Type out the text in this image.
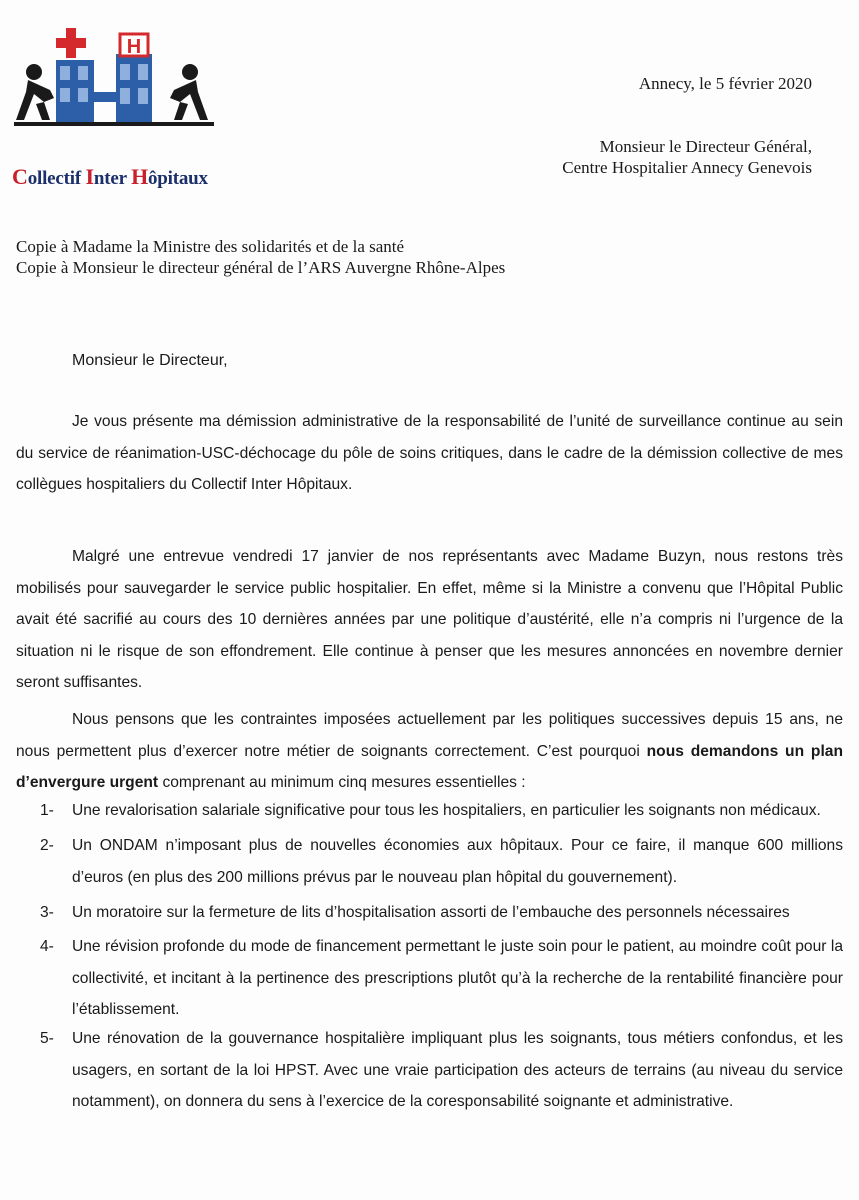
H
Collectif Inter Hôpitaux
Annecy, le 5 février 2020
Monsieur le Directeur Général,
Centre Hospitalier Annecy Genevois
Copie à Madame la Ministre des solidarités et de la santé
Copie à Monsieur le directeur général de l’ARS Auvergne Rhône-Alpes
Monsieur le Directeur,
Je vous présente ma démission administrative de la responsabilité de l’unité de surveillance continue au sein du service de réanimation-USC-déchocage du pôle de soins critiques, dans le cadre de la démission collective de mes collègues hospitaliers du Collectif Inter Hôpitaux.
Malgré une entrevue vendredi 17 janvier de nos représentants avec Madame Buzyn, nous restons très mobilisés pour sauvegarder le service public hospitalier. En effet, même si la Ministre a convenu que l’Hôpital Public avait été sacrifié au cours des 10 dernières années par une politique d’austérité, elle n’a compris ni l’urgence de la situation ni le risque de son effondrement. Elle continue à penser que les mesures annoncées en novembre dernier seront suffisantes.
Nous pensons que les contraintes imposées actuellement par les politiques successives depuis 15 ans, ne nous permettent plus d’exercer notre métier de soignants correctement. C’est pourquoi nous demandons un plan d’envergure urgent comprenant au minimum cinq mesures essentielles :
1- Une revalorisation salariale significative pour tous les hospitaliers, en particulier les soignants non médicaux.
2- Un ONDAM n’imposant plus de nouvelles économies aux hôpitaux. Pour ce faire, il manque 600 millions d’euros (en plus des 200 millions prévus par le nouveau plan hôpital du gouvernement).
3- Un moratoire sur la fermeture de lits d’hospitalisation assorti de l’embauche des personnels nécessaires
4- Une révision profonde du mode de financement permettant le juste soin pour le patient, au moindre coût pour la collectivité, et incitant à la pertinence des prescriptions plutôt qu’à la recherche de la rentabilité financière pour l’établissement.
5- Une rénovation de la gouvernance hospitalière impliquant plus les soignants, tous métiers confondus, et les usagers, en sortant de la loi HPST. Avec une vraie participation des acteurs de terrains (au niveau du service notamment), on donnera du sens à l’exercice de la coresponsabilité soignante et administrative.
